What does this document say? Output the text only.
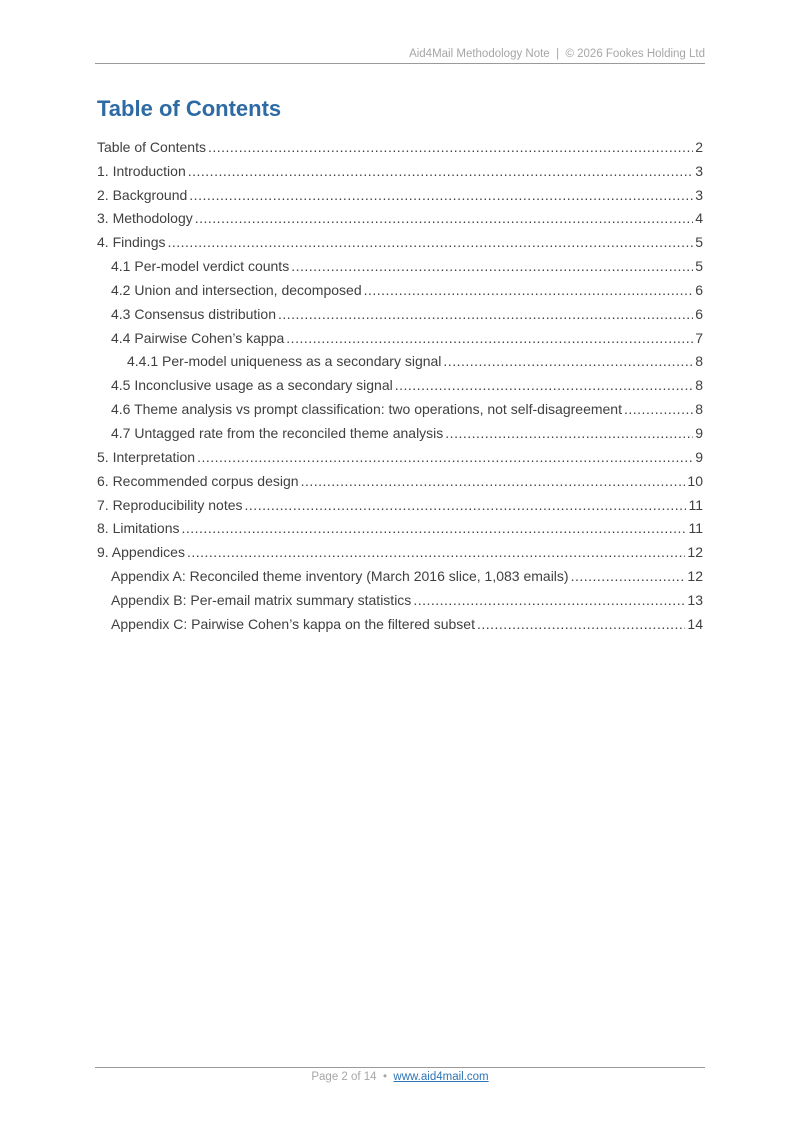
Aid4Mail Methodology Note  |  © 2026 Fookes Holding Ltd
Table of Contents
Table of Contents .....	2
1. Introduction .....	3
2. Background .....	3
3. Methodology .....	4
4. Findings .....	5
4.1 Per-model verdict counts .....	5
4.2 Union and intersection, decomposed .....	6
4.3 Consensus distribution .....	6
4.4 Pairwise Cohen’s kappa .....	7
4.4.1 Per-model uniqueness as a secondary signal .....	8
4.5 Inconclusive usage as a secondary signal .....	8
4.6 Theme analysis vs prompt classification: two operations, not self-disagreement .....	8
4.7 Untagged rate from the reconciled theme analysis .....	9
5. Interpretation .....	9
6. Recommended corpus design .....	10
7. Reproducibility notes .....	11
8. Limitations .....	11
9. Appendices .....	12
Appendix A: Reconciled theme inventory (March 2016 slice, 1,083 emails) .....	12
Appendix B: Per-email matrix summary statistics .....	13
Appendix C: Pairwise Cohen’s kappa on the filtered subset .....	14
Page 2 of 14 • www.aid4mail.com
